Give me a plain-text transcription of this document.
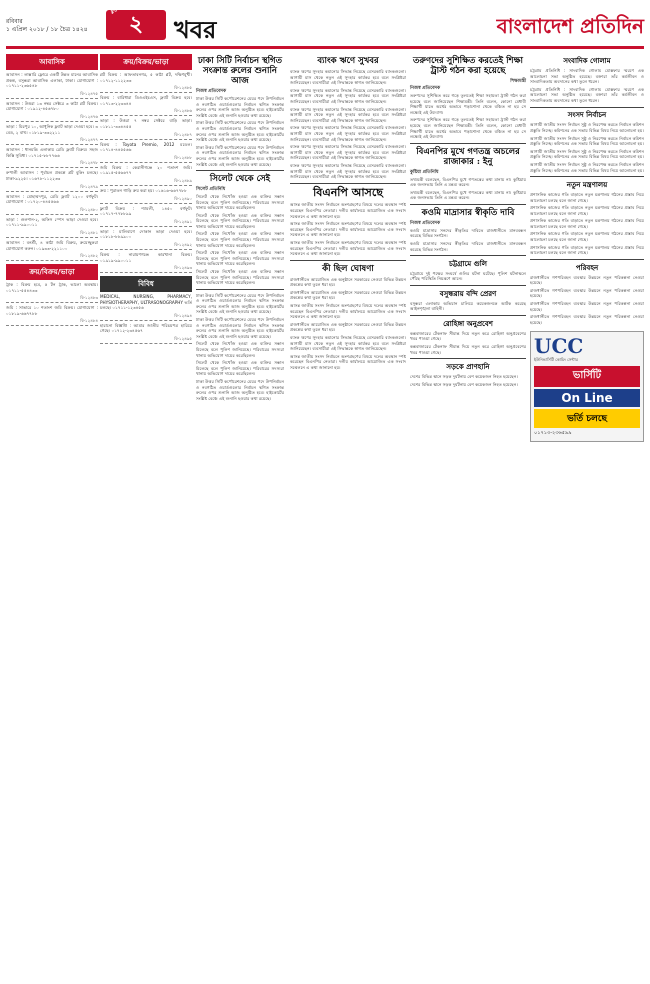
রবিবার
১ এপ্রিল ২০১৮ / ১৮ চৈত্র ১৪২৪
পৃষ্ঠা
২ খবর	বাংলাদেশ প্রতিদিন
আবাসিক

আবাসন : লাক্সারি ফ্লোরে একটি উন্নত মানের আবাসিক প্রকল্প, বসুন্ধরা আবাসিক এলাকা, ঢাকা। যোগাযোগ : ০১৭১১-২৩৬৫৪৮

বি-১২৪৭৫

আবাসন : উত্তরা ১৩ নম্বর সেক্টরে ৩ কাঠা প্লট বিক্রয়। যোগাযোগ : ০১৯১২-৪৫৬৭৮০

বি-১২৪৭৬

ভাড়া : মিরপুর ১০, আধুনিক ফ্ল্যাট ভাড়া দেওয়া হবে। ৩ বেড, ২ বাথ। ০১৮১৯-৩৩২২১১

বি-১২৪৭৭

আবাসন : ধানমন্ডি এলাকায় রেডি ফ্ল্যাট বিক্রয়। সহজ কিস্তি সুবিধা। ০১৭১৫-৮৮৭৭৬৬

বি-১২৪৭৮

রুপালী আবাসন : পূর্বাচল প্রকল্পে প্লট বুকিং চলছে। ঢাকা-৯২২৫। ০১৬৭৮-১১২২৩৩

বি-১২৪৭৯

আবাসন : মোহাম্মদপুর, রেডি ফ্ল্যাট ১২০০ বর্গফুট। যোগাযোগ : ০১৭২০-৪৪৫৫৬৬

বি-১২৪৮০

ভাড়া : গুলশান-২, অফিস স্পেস ভাড়া দেওয়া হবে। ০১৭১১-৯৯০০১১

বি-১২৪৮১

আবাসন : বনশ্রী, ৪ কাঠা জমি বিক্রয়, ক্রয়েচ্ছুকরা যোগাযোগ করুন। ০১৯৩৩-২২১১০০

বি-১২৪৮২
ক্রয়/বিক্রয়/ভাড়া

ট্রাক : বিক্রয় হবে, ৫ টন ট্রাক, ভালো অবস্থায়। ০১৭১১-৫৫৪৪৩৩

বি-১২৪৮৩

জমি : সাভারে ১০ শতাংশ জমি বিক্রয়। যোগাযোগ : ০১৮১৯-৬৬৭৭৮৮

বি-১২৪৮৪
ক্রয়/বিক্রয়/ভাড়া

প্লট বিক্রয় : আফতাবনগর, ৫ কাঠা প্লট, দক্ষিণমুখী। ০১৭১২-১১২২৩৩

বি-১২৪৮৫

বিক্রয় : বারিধারা ডিওএইচএস, ফ্ল্যাট বিক্রয় হবে। ০১৭১৩-২২৩৩৪৪

বি-১২৪৮৬

ভাড়া : উত্তরা ৭ নম্বর সেক্টরে বাড়ি ভাড়া। ০১৮১১-৩৩৪৪৫৫

বি-১২৪৮৭

বিক্রয় : Toyota Premio, 2012 মডেল। ০১৭১৪-৪৪৫৫৬৬

বি-১২৪৮৮

জমি বিক্রয় : কেরানীগঞ্জে ২০ শতাংশ জমি। ০১৯১৫-৫৫৬৬৭৭

বি-১২৪৮৯

ক্রয় : পুরাতন গাড়ি ক্রয় করা হয়। ০১৬১৬-৬৬৭৭৮৮

বি-১২৪৯০

ফ্ল্যাট বিক্রয় : শ্যামলী, ১৪৫০ বর্গফুট। ০১৭১৭-৭৭৮৮৯৯

বি-১২৪৯১

ভাড়া : মালিবাগে দোকান ভাড়া দেওয়া হবে। ০১৮১৮-৮৮৯৯০০

বি-১২৪৯২

বিক্রয় : নারায়ণগঞ্জে কারখানা বিক্রয়। ০১৯১৯-৯৯০০১১

বি-১২৪৯৩
বিবিধ

MEDICAL, NURSING, PHARMACY, PHYSIOTHERAPHY, ULTRASONOGRAPHY ভর্তি চলছে। ০১৭১১-১২৩৪৫৬

বি-১২৪৯৪

হারানো বিজ্ঞপ্তি : আমার জাতীয় পরিচয়পত্র হারিয়ে গেছে। ০১৭১২-২৩৪৫৬৭

বি-১২৪৯৫
ঢাকা সিটি নির্বাচন স্থগিত সংক্রান্ত রুলের শুনানি আজ
নিজস্ব প্রতিবেদক

ঢাকা উত্তর সিটি কর্পোরেশনের মেয়র পদে উপনির্বাচন ও নবগঠিত ওয়ার্ডগুলোর নির্বাচন স্থগিত সংক্রান্ত রুলের ওপর শুনানি আজ অনুষ্ঠিত হবে। হাইকোর্টের সংশ্লিষ্ট বেঞ্চে এই শুনানি হওয়ার কথা রয়েছে।

ঢাকা উত্তর সিটি কর্পোরেশনের মেয়র পদে উপনির্বাচন ও নবগঠিত ওয়ার্ডগুলোর নির্বাচন স্থগিত সংক্রান্ত রুলের ওপর শুনানি আজ অনুষ্ঠিত হবে। হাইকোর্টের সংশ্লিষ্ট বেঞ্চে এই শুনানি হওয়ার কথা রয়েছে।

ঢাকা উত্তর সিটি কর্পোরেশনের মেয়র পদে উপনির্বাচন ও নবগঠিত ওয়ার্ডগুলোর নির্বাচন স্থগিত সংক্রান্ত রুলের ওপর শুনানি আজ অনুষ্ঠিত হবে। হাইকোর্টের সংশ্লিষ্ট বেঞ্চে এই শুনানি হওয়ার কথা রয়েছে।

সিলেট থেকে সেই
সিলেট প্রতিনিধি

সিলেট থেকে নিখোঁজ হওয়া এক ব্যক্তির সন্ধান মিলেছে বলে পুলিশ জানিয়েছে। পরিবারের সদস্যরা থানায় অভিযোগ দায়ের করেছিলেন।

সিলেট থেকে নিখোঁজ হওয়া এক ব্যক্তির সন্ধান মিলেছে বলে পুলিশ জানিয়েছে। পরিবারের সদস্যরা থানায় অভিযোগ দায়ের করেছিলেন।

সিলেট থেকে নিখোঁজ হওয়া এক ব্যক্তির সন্ধান মিলেছে বলে পুলিশ জানিয়েছে। পরিবারের সদস্যরা থানায় অভিযোগ দায়ের করেছিলেন।

সিলেট থেকে নিখোঁজ হওয়া এক ব্যক্তির সন্ধান মিলেছে বলে পুলিশ জানিয়েছে। পরিবারের সদস্যরা থানায় অভিযোগ দায়ের করেছিলেন।

সিলেট থেকে নিখোঁজ হওয়া এক ব্যক্তির সন্ধান মিলেছে বলে পুলিশ জানিয়েছে। পরিবারের সদস্যরা থানায় অভিযোগ দায়ের করেছিলেন।

ঢাকা উত্তর সিটি কর্পোরেশনের মেয়র পদে উপনির্বাচন ও নবগঠিত ওয়ার্ডগুলোর নির্বাচন স্থগিত সংক্রান্ত রুলের ওপর শুনানি আজ অনুষ্ঠিত হবে। হাইকোর্টের সংশ্লিষ্ট বেঞ্চে এই শুনানি হওয়ার কথা রয়েছে।

ঢাকা উত্তর সিটি কর্পোরেশনের মেয়র পদে উপনির্বাচন ও নবগঠিত ওয়ার্ডগুলোর নির্বাচন স্থগিত সংক্রান্ত রুলের ওপর শুনানি আজ অনুষ্ঠিত হবে। হাইকোর্টের সংশ্লিষ্ট বেঞ্চে এই শুনানি হওয়ার কথা রয়েছে।

সিলেট থেকে নিখোঁজ হওয়া এক ব্যক্তির সন্ধান মিলেছে বলে পুলিশ জানিয়েছে। পরিবারের সদস্যরা থানায় অভিযোগ দায়ের করেছিলেন।

সিলেট থেকে নিখোঁজ হওয়া এক ব্যক্তির সন্ধান মিলেছে বলে পুলিশ জানিয়েছে। পরিবারের সদস্যরা থানায় অভিযোগ দায়ের করেছিলেন।

ঢাকা উত্তর সিটি কর্পোরেশনের মেয়র পদে উপনির্বাচন ও নবগঠিত ওয়ার্ডগুলোর নির্বাচন স্থগিত সংক্রান্ত রুলের ওপর শুনানি আজ অনুষ্ঠিত হবে। হাইকোর্টের সংশ্লিষ্ট বেঞ্চে এই শুনানি হওয়ার কথা রয়েছে।

ব্যাংক ঋণে সুখবর

ব্যাংক ঋণের সুদহার কমানোর সিদ্ধান্ত নিয়েছে বেসরকারি ব্যাংকগুলো। আগামী মাস থেকে নতুন এই সুদহার কার্যকর হবে বলে সংশ্লিষ্টরা জানিয়েছেন। ব্যবসায়ীরা এই সিদ্ধান্তকে স্বাগত জানিয়েছেন।

ব্যাংক ঋণের সুদহার কমানোর সিদ্ধান্ত নিয়েছে বেসরকারি ব্যাংকগুলো। আগামী মাস থেকে নতুন এই সুদহার কার্যকর হবে বলে সংশ্লিষ্টরা জানিয়েছেন। ব্যবসায়ীরা এই সিদ্ধান্তকে স্বাগত জানিয়েছেন।

ব্যাংক ঋণের সুদহার কমানোর সিদ্ধান্ত নিয়েছে বেসরকারি ব্যাংকগুলো। আগামী মাস থেকে নতুন এই সুদহার কার্যকর হবে বলে সংশ্লিষ্টরা জানিয়েছেন। ব্যবসায়ীরা এই সিদ্ধান্তকে স্বাগত জানিয়েছেন।

ব্যাংক ঋণের সুদহার কমানোর সিদ্ধান্ত নিয়েছে বেসরকারি ব্যাংকগুলো। আগামী মাস থেকে নতুন এই সুদহার কার্যকর হবে বলে সংশ্লিষ্টরা জানিয়েছেন। ব্যবসায়ীরা এই সিদ্ধান্তকে স্বাগত জানিয়েছেন।

ব্যাংক ঋণের সুদহার কমানোর সিদ্ধান্ত নিয়েছে বেসরকারি ব্যাংকগুলো। আগামী মাস থেকে নতুন এই সুদহার কার্যকর হবে বলে সংশ্লিষ্টরা জানিয়েছেন। ব্যবসায়ীরা এই সিদ্ধান্তকে স্বাগত জানিয়েছেন।

ব্যাংক ঋণের সুদহার কমানোর সিদ্ধান্ত নিয়েছে বেসরকারি ব্যাংকগুলো। আগামী মাস থেকে নতুন এই সুদহার কার্যকর হবে বলে সংশ্লিষ্টরা জানিয়েছেন। ব্যবসায়ীরা এই সিদ্ধান্তকে স্বাগত জানিয়েছেন।

বিএনপি আসছে

আসন্ন জাতীয় সংসদ নির্বাচনে অংশগ্রহণের বিষয়ে দলের অবস্থান স্পষ্ট করেছেন বিএনপির নেতারা। দলীয় কার্যালয়ে আয়োজিত এক সংবাদ সম্মেলনে এ কথা জানানো হয়।

আসন্ন জাতীয় সংসদ নির্বাচনে অংশগ্রহণের বিষয়ে দলের অবস্থান স্পষ্ট করেছেন বিএনপির নেতারা। দলীয় কার্যালয়ে আয়োজিত এক সংবাদ সম্মেলনে এ কথা জানানো হয়।

আসন্ন জাতীয় সংসদ নির্বাচনে অংশগ্রহণের বিষয়ে দলের অবস্থান স্পষ্ট করেছেন বিএনপির নেতারা। দলীয় কার্যালয়ে আয়োজিত এক সংবাদ সম্মেলনে এ কথা জানানো হয়।

কী ছিল ঘোষণা

রাজধানীতে আয়োজিত এক অনুষ্ঠানে সরকারের নেওয়া বিভিন্ন উন্নয়ন প্রকল্পের কথা তুলে ধরা হয়।

রাজধানীতে আয়োজিত এক অনুষ্ঠানে সরকারের নেওয়া বিভিন্ন উন্নয়ন প্রকল্পের কথা তুলে ধরা হয়।

আসন্ন জাতীয় সংসদ নির্বাচনে অংশগ্রহণের বিষয়ে দলের অবস্থান স্পষ্ট করেছেন বিএনপির নেতারা। দলীয় কার্যালয়ে আয়োজিত এক সংবাদ সম্মেলনে এ কথা জানানো হয়।

রাজধানীতে আয়োজিত এক অনুষ্ঠানে সরকারের নেওয়া বিভিন্ন উন্নয়ন প্রকল্পের কথা তুলে ধরা হয়।

ব্যাংক ঋণের সুদহার কমানোর সিদ্ধান্ত নিয়েছে বেসরকারি ব্যাংকগুলো। আগামী মাস থেকে নতুন এই সুদহার কার্যকর হবে বলে সংশ্লিষ্টরা জানিয়েছেন। ব্যবসায়ীরা এই সিদ্ধান্তকে স্বাগত জানিয়েছেন।

আসন্ন জাতীয় সংসদ নির্বাচনে অংশগ্রহণের বিষয়ে দলের অবস্থান স্পষ্ট করেছেন বিএনপির নেতারা। দলীয় কার্যালয়ে আয়োজিত এক সংবাদ সম্মেলনে এ কথা জানানো হয়।

তরুণদের সুশিক্ষিত করতেই শিক্ষা ট্রাস্ট গঠন করা হয়েছে
শিক্ষামন্ত্রী
নিজস্ব প্রতিবেদক

তরুণদের সুশিক্ষিত করে গড়ে তুলতেই শিক্ষা সহায়তা ট্রাস্ট গঠন করা হয়েছে বলে জানিয়েছেন শিক্ষামন্ত্রী। তিনি বলেন, কোনো মেধাবী শিক্ষার্থী যাতে অর্থের অভাবে পড়াশোনা থেকে বঞ্চিত না হয় সে লক্ষ্যেই এই উদ্যোগ।

তরুণদের সুশিক্ষিত করে গড়ে তুলতেই শিক্ষা সহায়তা ট্রাস্ট গঠন করা হয়েছে বলে জানিয়েছেন শিক্ষামন্ত্রী। তিনি বলেন, কোনো মেধাবী শিক্ষার্থী যাতে অর্থের অভাবে পড়াশোনা থেকে বঞ্চিত না হয় সে লক্ষ্যেই এই উদ্যোগ।

বিএনপির মুখে গণতন্ত্র অচলের রাজাকার : ইনু
কুষ্টিয়া প্রতিনিধি

তথ্যমন্ত্রী বলেছেন, বিএনপির মুখে গণতন্ত্রের কথা মানায় না। কুষ্টিয়ায় এক জনসভায় তিনি এ মন্তব্য করেন।

তথ্যমন্ত্রী বলেছেন, বিএনপির মুখে গণতন্ত্রের কথা মানায় না। কুষ্টিয়ায় এক জনসভায় তিনি এ মন্তব্য করেন।

কওমি মাদ্রাসার স্বীকৃতি দাবি
নিজস্ব প্রতিবেদক

কওমি মাদ্রাসার সনদের স্বীকৃতির দাবিতে রাজধানীতে মানববন্ধন করেছে বিভিন্ন সংগঠন।

কওমি মাদ্রাসার সনদের স্বীকৃতির দাবিতে রাজধানীতে মানববন্ধন করেছে বিভিন্ন সংগঠন।

চট্টগ্রামে গুলি

চট্টগ্রামে দুই পক্ষের সংঘর্ষে গুলির ঘটনা ঘটেছে। পুলিশ ঘটনাস্থলে পৌঁছে পরিস্থিতি নিয়ন্ত্রণে আনে।

বসুন্ধরায় বন্দি প্রেরণ

বসুন্ধরা এলাকায় অভিযান চালিয়ে কয়েকজনকে আটক করেছে আইনশৃঙ্খলা বাহিনী।

রোহিঙ্গা অনুপ্রবেশ

কক্সবাজারের টেকনাফ সীমান্ত দিয়ে নতুন করে রোহিঙ্গা অনুপ্রবেশের খবর পাওয়া গেছে।

কক্সবাজারের টেকনাফ সীমান্ত দিয়ে নতুন করে রোহিঙ্গা অনুপ্রবেশের খবর পাওয়া গেছে।

সড়কে প্রাণহানি

দেশের বিভিন্ন স্থানে সড়ক দুর্ঘটনায় বেশ কয়েকজন নিহত হয়েছেন।

দেশের বিভিন্ন স্থানে সড়ক দুর্ঘটনায় বেশ কয়েকজন নিহত হয়েছেন।

সংবাদিক গোলাম

চট্টগ্রাম প্রতিনিধি : সাংবাদিক গোলাম মোস্তফার স্মরণে এক আলোচনা সভা অনুষ্ঠিত হয়েছে। বক্তারা তাঁর কর্মজীবন ও সাংবাদিকতায় অবদানের কথা তুলে ধরেন।

চট্টগ্রাম প্রতিনিধি : সাংবাদিক গোলাম মোস্তফার স্মরণে এক আলোচনা সভা অনুষ্ঠিত হয়েছে। বক্তারা তাঁর কর্মজীবন ও সাংবাদিকতায় অবদানের কথা তুলে ধরেন।

সংসদ নির্বাচন

আগামী জাতীয় সংসদ নির্বাচন সুষ্ঠু ও নিরপেক্ষ করতে নির্বাচন কমিশন প্রস্তুতি নিচ্ছে। কমিশনের এক সভায় বিভিন্ন বিষয় নিয়ে আলোচনা হয়।

আগামী জাতীয় সংসদ নির্বাচন সুষ্ঠু ও নিরপেক্ষ করতে নির্বাচন কমিশন প্রস্তুতি নিচ্ছে। কমিশনের এক সভায় বিভিন্ন বিষয় নিয়ে আলোচনা হয়।

আগামী জাতীয় সংসদ নির্বাচন সুষ্ঠু ও নিরপেক্ষ করতে নির্বাচন কমিশন প্রস্তুতি নিচ্ছে। কমিশনের এক সভায় বিভিন্ন বিষয় নিয়ে আলোচনা হয়।

আগামী জাতীয় সংসদ নির্বাচন সুষ্ঠু ও নিরপেক্ষ করতে নির্বাচন কমিশন প্রস্তুতি নিচ্ছে। কমিশনের এক সভায় বিভিন্ন বিষয় নিয়ে আলোচনা হয়।

নতুন মন্ত্রণালয়

প্রশাসনিক কাজের গতি বাড়াতে নতুন মন্ত্রণালয় গঠনের প্রস্তাব নিয়ে আলোচনা চলছে বলে জানা গেছে।

প্রশাসনিক কাজের গতি বাড়াতে নতুন মন্ত্রণালয় গঠনের প্রস্তাব নিয়ে আলোচনা চলছে বলে জানা গেছে।

প্রশাসনিক কাজের গতি বাড়াতে নতুন মন্ত্রণালয় গঠনের প্রস্তাব নিয়ে আলোচনা চলছে বলে জানা গেছে।

প্রশাসনিক কাজের গতি বাড়াতে নতুন মন্ত্রণালয় গঠনের প্রস্তাব নিয়ে আলোচনা চলছে বলে জানা গেছে।

প্রশাসনিক কাজের গতি বাড়াতে নতুন মন্ত্রণালয় গঠনের প্রস্তাব নিয়ে আলোচনা চলছে বলে জানা গেছে।

পরিবহন

রাজধানীতে গণপরিবহন ব্যবস্থার উন্নয়নে নতুন পরিকল্পনা নেওয়া হয়েছে।

রাজধানীতে গণপরিবহন ব্যবস্থার উন্নয়নে নতুন পরিকল্পনা নেওয়া হয়েছে।

রাজধানীতে গণপরিবহন ব্যবস্থার উন্নয়নে নতুন পরিকল্পনা নেওয়া হয়েছে।

রাজধানীতে গণপরিবহন ব্যবস্থার উন্নয়নে নতুন পরিকল্পনা নেওয়া হয়েছে।

UCC
ইউনিভার্সিটি কোচিং সেন্টার
ভার্সিটি
On Line
ভর্তি চলছে
০১৭১৩-২৩৬৫৯৯
